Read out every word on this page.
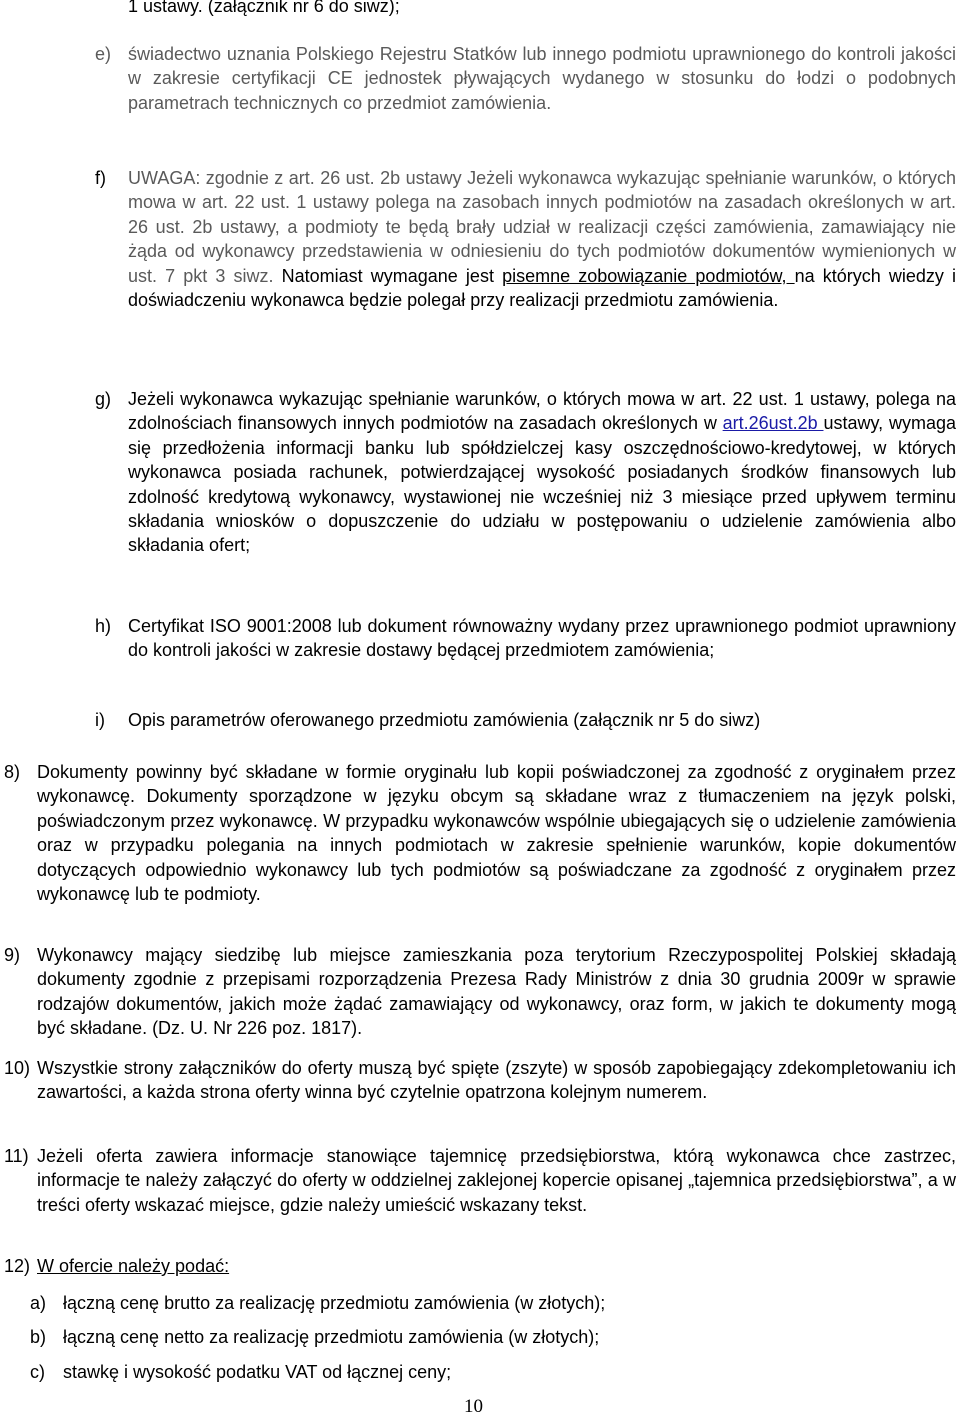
1 ustawy. (załącznik nr 6 do siwz);
e) świadectwo uznania Polskiego Rejestru Statków lub innego podmiotu uprawnionego do kontroli jakości w zakresie certyfikacji CE jednostek pływających wydanego w stosunku do łodzi o podobnych parametrach technicznych co przedmiot zamówienia.

f) UWAGA: zgodnie z art. 26 ust. 2b ustawy Jeżeli wykonawca wykazując spełnianie warunków, o których mowa w art. 22 ust. 1 ustawy polega na zasobach innych podmiotów na zasadach określonych w art. 26 ust. 2b ustawy, a podmioty te będą brały udział w realizacji części zamówienia, zamawiający nie żąda od wykonawcy przedstawienia w odniesieniu do tych podmiotów dokumentów wymienionych w ust. 7 pkt 3 siwz. Natomiast wymagane jest pisemne zobowiązanie podmiotów, na których wiedzy i doświadczeniu wykonawca będzie polegał przy realizacji przedmiotu zamówienia.

g) Jeżeli wykonawca wykazując spełnianie warunków, o których mowa w art. 22 ust. 1 ustawy, polega na zdolnościach finansowych innych podmiotów na zasadach określonych w art.26ust.2b ustawy, wymaga się przedłożenia informacji banku lub spółdzielczej kasy oszczędnościowo-kredytowej, w których wykonawca posiada rachunek, potwierdzającej wysokość posiadanych środków finansowych lub zdolność kredytową wykonawcy, wystawionej nie wcześniej niż 3 miesiące przed upływem terminu składania wniosków o dopuszczenie do udziału w postępowaniu o udzielenie zamówienia albo składania ofert;

h) Certyfikat ISO 9001:2008 lub dokument równoważny wydany przez uprawnionego podmiot uprawniony do kontroli jakości w zakresie dostawy będącej przedmiotem zamówienia;

i) Opis parametrów oferowanego przedmiotu zamówienia (załącznik nr 5 do siwz)

8) Dokumenty powinny być składane w formie oryginału lub kopii poświadczonej za zgodność z oryginałem przez wykonawcę. Dokumenty sporządzone w języku obcym są składane wraz z tłumaczeniem na język polski, poświadczonym przez wykonawcę. W przypadku wykonawców wspólnie ubiegających się o udzielenie zamówienia oraz w przypadku polegania na innych podmiotach w zakresie spełnienie warunków, kopie dokumentów dotyczących odpowiednio wykonawcy lub tych podmiotów są poświadczane za zgodność z oryginałem przez wykonawcę lub te podmioty.

9) Wykonawcy mający siedzibę lub miejsce zamieszkania poza terytorium Rzeczypospolitej Polskiej składają dokumenty zgodnie z przepisami rozporządzenia Prezesa Rady Ministrów z dnia 30 grudnia 2009r w sprawie rodzajów dokumentów, jakich może żądać zamawiający od wykonawcy, oraz form, w jakich te dokumenty mogą być składane. (Dz. U. Nr 226 poz. 1817).

10) Wszystkie strony załączników do oferty muszą być spięte (zszyte) w sposób zapobiegający zdekompletowaniu ich zawartości, a każda strona oferty winna być czytelnie opatrzona kolejnym numerem.

11) Jeżeli oferta zawiera informacje stanowiące tajemnicę przedsiębiorstwa, którą wykonawca chce zastrzec, informacje te należy załączyć do oferty w oddzielnej zaklejonej kopercie opisanej „tajemnica przedsiębiorstwa”, a w treści oferty wskazać miejsce, gdzie należy umieścić wskazany tekst.

12) W ofercie należy podać:

a) łączną cenę brutto za realizację przedmiotu zamówienia (w złotych);

b) łączną cenę netto za realizację przedmiotu zamówienia (w złotych);

c) stawkę i wysokość podatku VAT od łącznej ceny;

10
